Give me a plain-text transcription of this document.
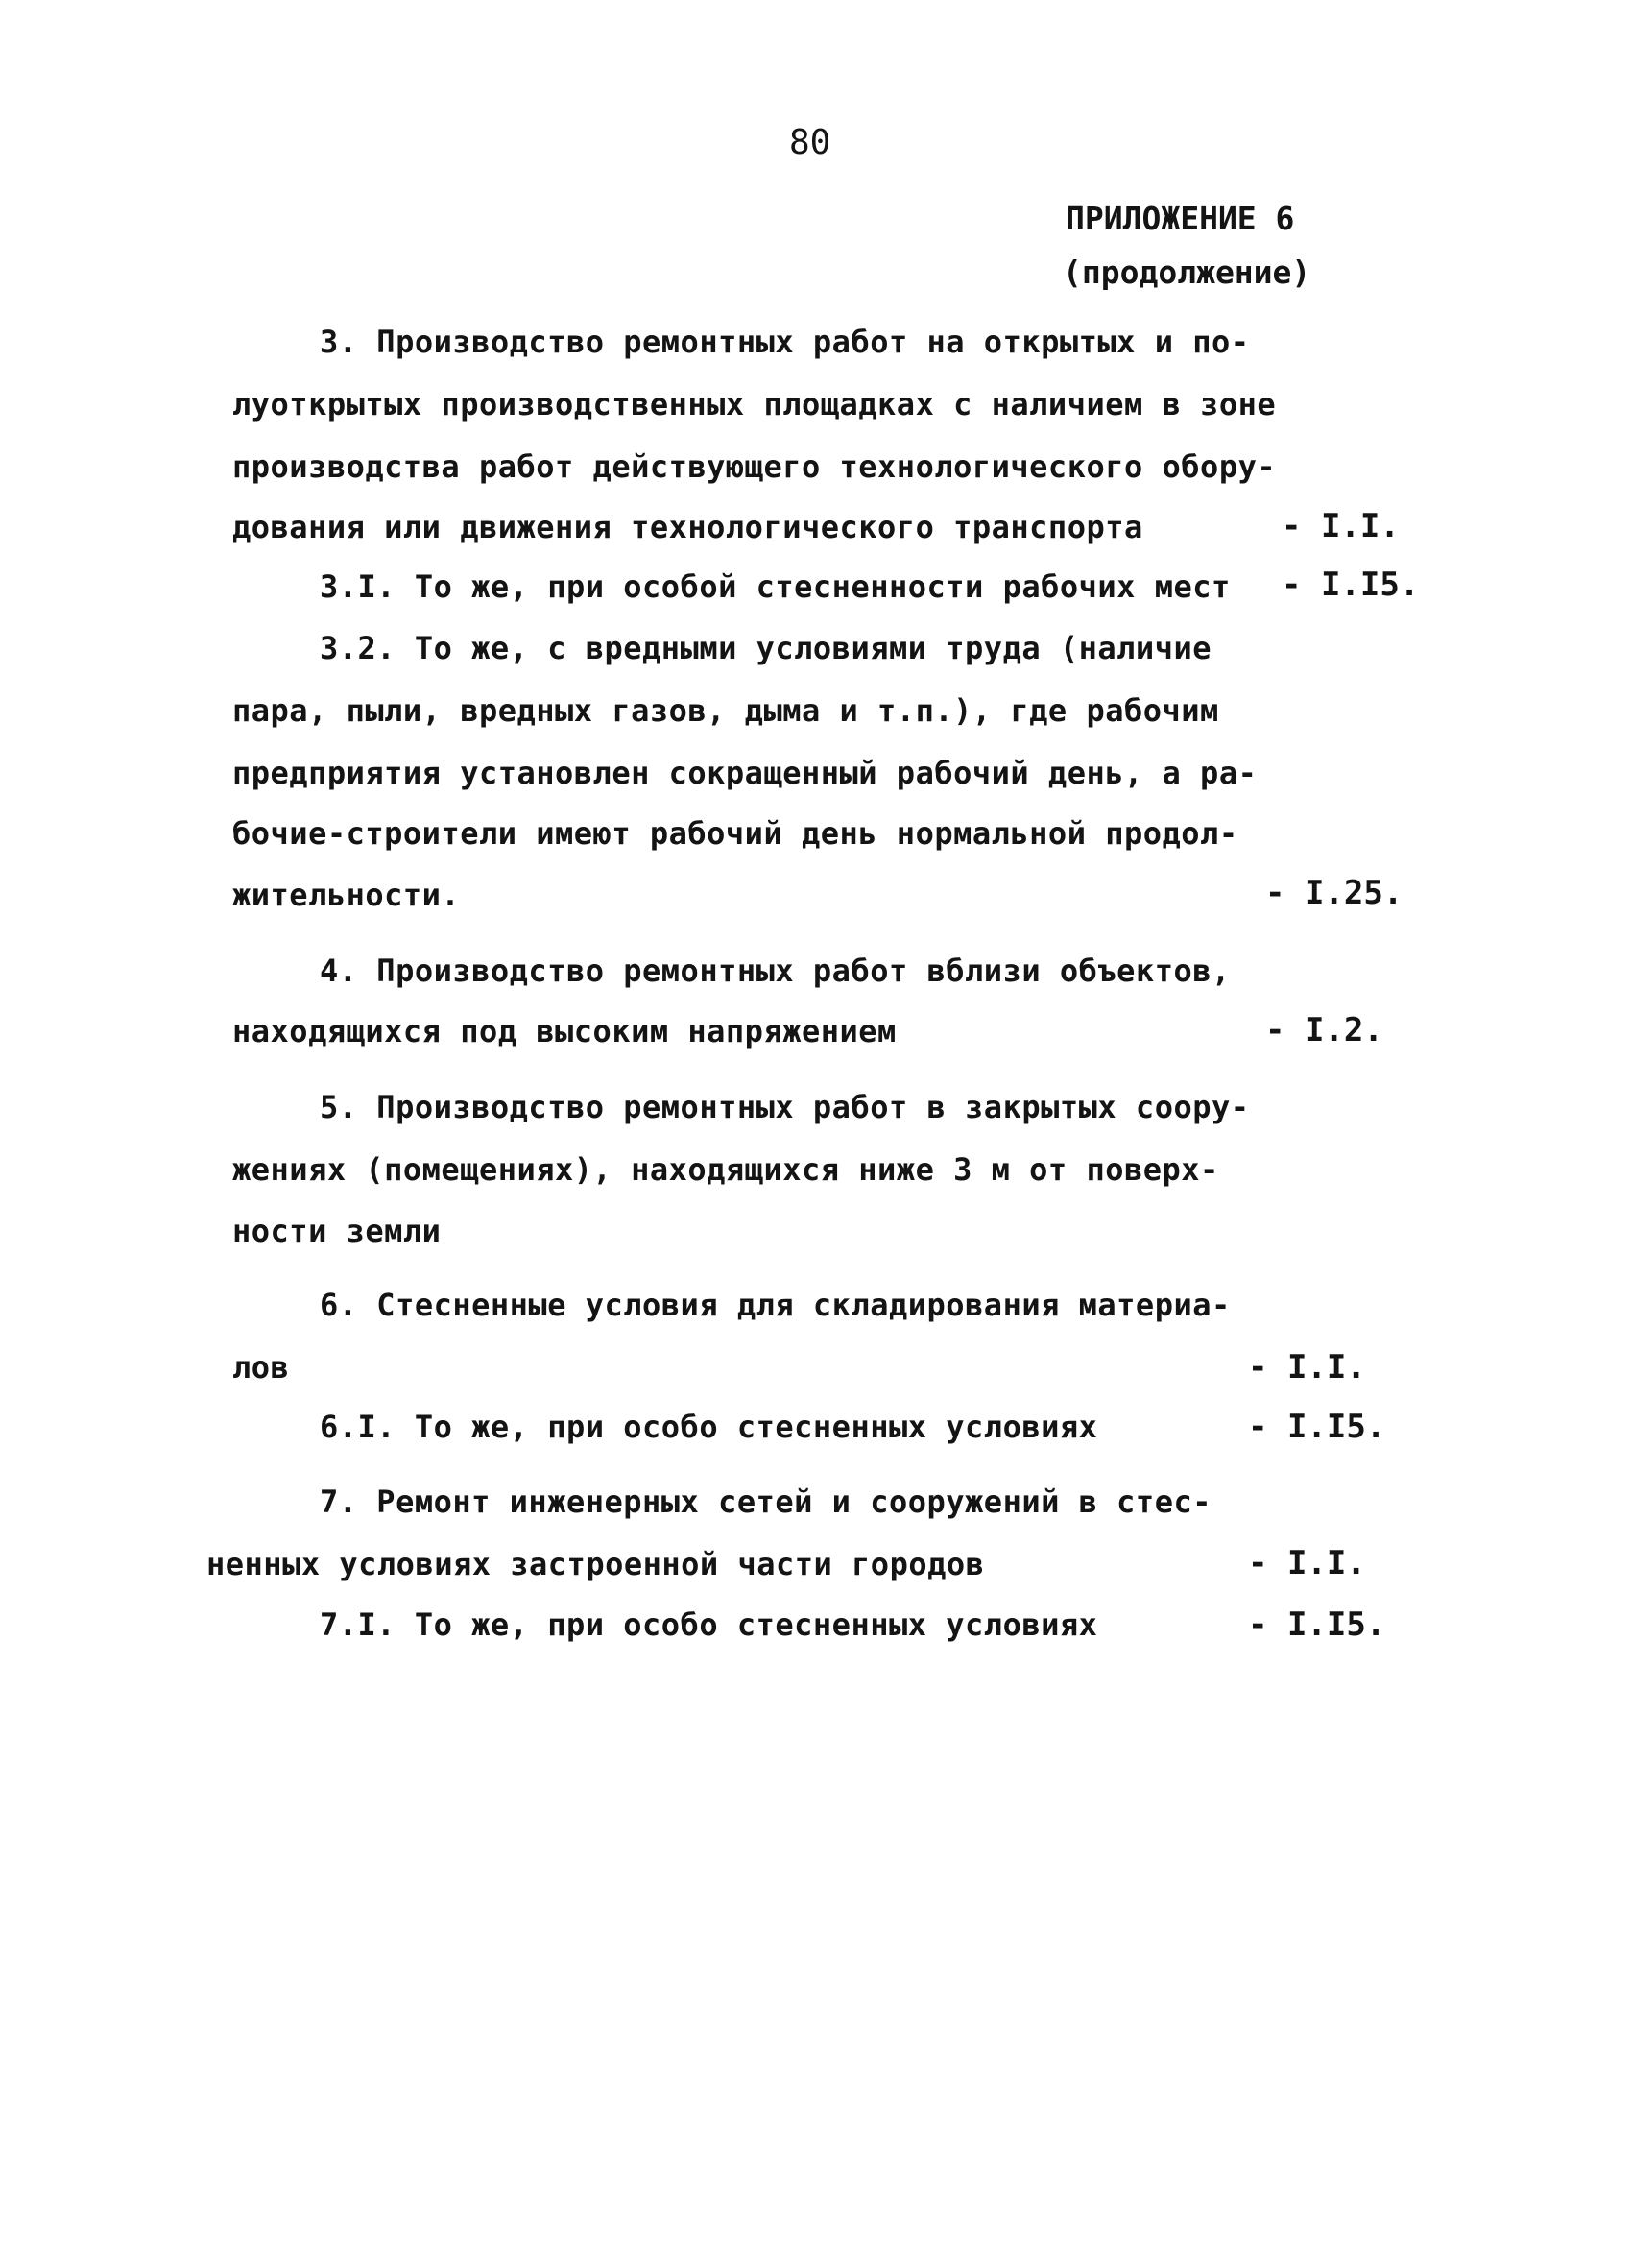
80
ПРИЛОЖЕНИЕ 6
(продолжение)
3. Производство ремонтных работ на открытых и по-
луоткрытых производственных площадках с наличием в зоне
производства работ действующего технологического обору-
дования или движения технологического транспорта	- I.I.
3.I. То же, при особой стесненности рабочих мест - I.I5.
3.2. То же, с вредными условиями труда (наличие
пара, пыли, вредных газов, дыма и т.п.), где рабочим
предприятия установлен сокращенный рабочий день, а ра-
бочие-строители имеют рабочий день нормальной продол-
жительности.	- I.25.
4. Производство ремонтных работ вблизи объектов,
находящихся под высоким напряжением	- I.2.
5. Производство ремонтных работ в закрытых соору-
жениях (помещениях), находящихся ниже 3 м от поверх-
ности земли
6. Стесненные условия для складирования материа-
лов	- I.I.
6.I. То же, при особо стесненных условиях	- I.I5.
7. Ремонт инженерных сетей и сооружений в стес-
ненных условиях застроенной части городов	- I.I.
7.I. То же, при особо стесненных условиях	- I.I5.
